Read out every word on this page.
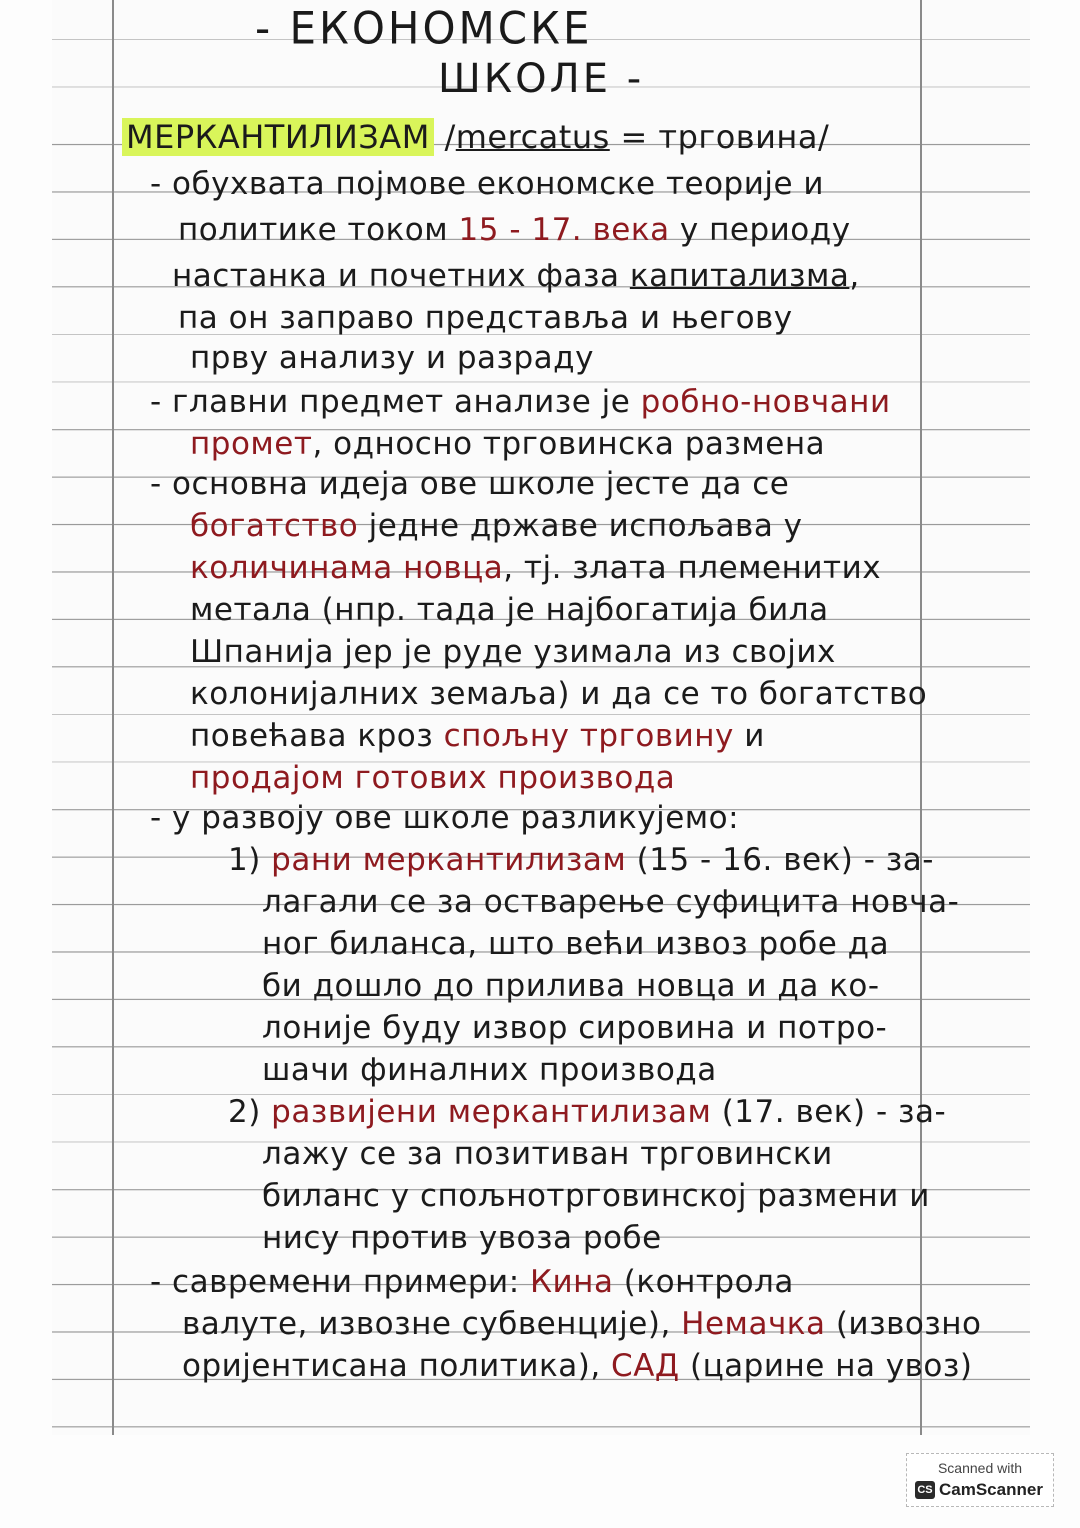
- ЕКОНОМСКЕ
ШКОЛЕ -
МЕРКАНТИЛИЗАМ /mercatus = трговина/
- обухвата појмове економске теорије и
политике током 15 - 17. века у периоду
настанка и почетних фаза капитализма,
па он заправо представља и његову
прву анализу и разраду
- главни предмет анализе је робно-новчани
промет, односно трговинска размена
- основна идеја ове школе јесте да се
богатство једне државе испољава у
количинама новца, тј. злата племенитих
метала (нпр. тада је најбогатија била
Шпанија јер је руде узимала из својих
колонијалних земаља) и да се то богатство
повећава кроз спољну трговину и
продајом готових производа
- у развоју ове школе разликујемо:
1) рани меркантилизам (15 - 16. век) - за-
лагали се за остварење суфицита новча-
ног биланса, што већи извоз робе да
би дошло до прилива новца и да ко-
лоније буду извор сировина и потро-
шачи финалних производа
2) развијени меркантилизам (17. век) - за-
лажу се за позитиван трговински
биланс у спољнотрговинској размени и
нису против увоза робе
- савремени примери: Кина (контрола
валуте, извозне субвенције), Немачка (извозно
оријентисана политика), САД (царине на увоз)
Scanned with
CS CamScanner
